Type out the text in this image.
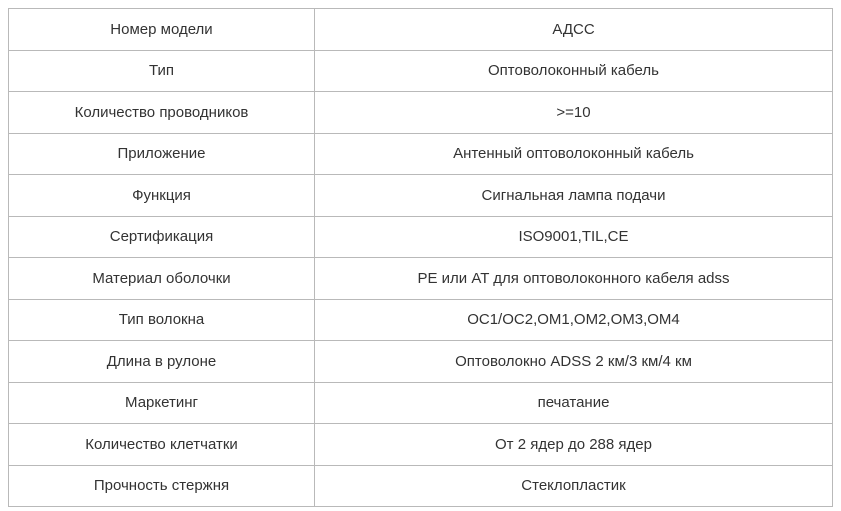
Номер модели	АДСС
Тип	Оптоволоконный кабель
Количество проводников	>=10
Приложение	Антенный оптоволоконный кабель
Функция	Сигнальная лампа подачи
Сертификация	ISO9001,TIL,CE
Материал оболочки	PE или AT для оптоволоконного кабеля adss
Тип волокна	OC1/OC2,OM1,OM2,OM3,OM4
Длина в рулоне	Оптоволокно ADSS 2 км/3 км/4 км
Маркетинг	печатание
Количество клетчатки	От 2 ядер до 288 ядер
Прочность стержня	Стеклопластик
